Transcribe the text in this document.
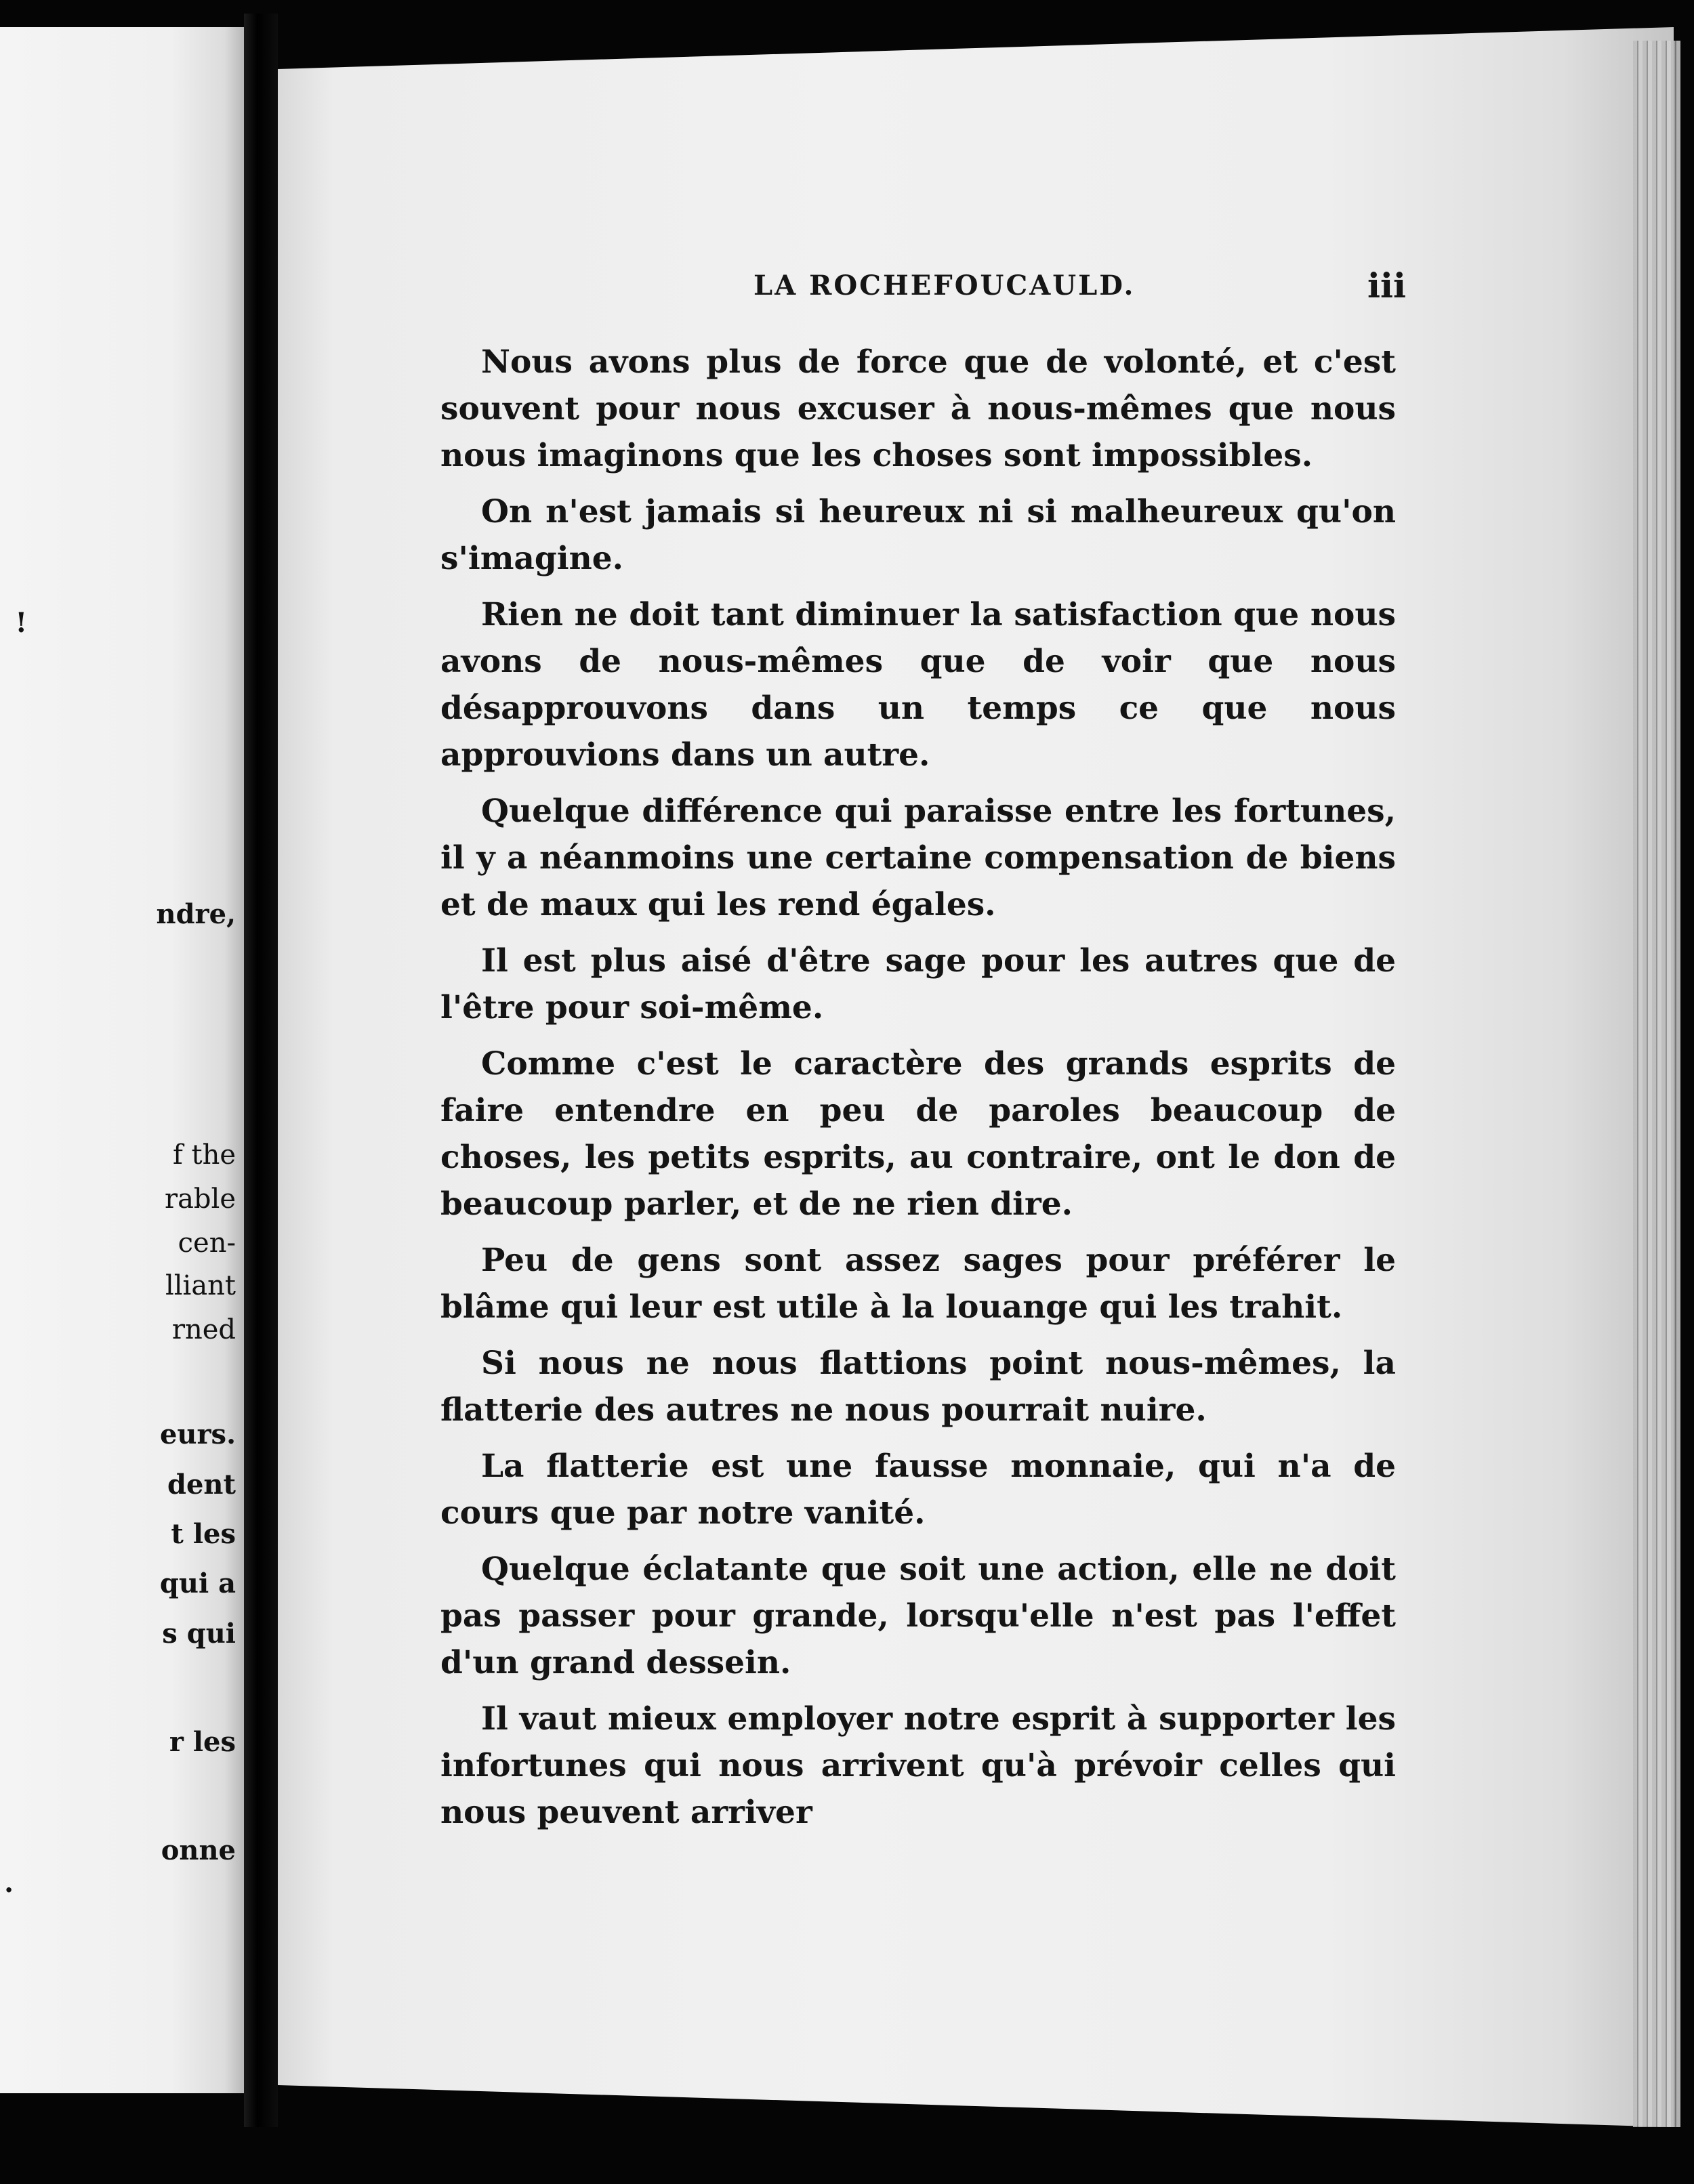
!
ndre,
f the
rable
cen-
lliant
rned
eurs.
dent
t les
qui a
s qui
r les
onne
.
LA ROCHEFOUCAULD.	iii

Nous avons plus de force que de volonté, et c'est souvent pour nous excuser à nous-mêmes que nous nous imaginons que les choses sont impossibles.

On n'est jamais si heureux ni si malheureux qu'on s'imagine.

Rien ne doit tant diminuer la satisfaction que nous avons de nous-mêmes que de voir que nous désapprouvons dans un temps ce que nous approuvions dans un autre.

Quelque différence qui paraisse entre les fortunes, il y a néanmoins une certaine compensation de biens et de maux qui les rend égales.

Il est plus aisé d'être sage pour les autres que de l'être pour soi-même.

Comme c'est le caractère des grands esprits de faire entendre en peu de paroles beaucoup de choses, les petits esprits, au contraire, ont le don de beaucoup parler, et de ne rien dire.

Peu de gens sont assez sages pour préférer le blâme qui leur est utile à la louange qui les trahit.

Si nous ne nous flattions point nous-mêmes, la flatterie des autres ne nous pourrait nuire.

La flatterie est une fausse monnaie, qui n'a de cours que par notre vanité.

Quelque éclatante que soit une action, elle ne doit pas passer pour grande, lorsqu'elle n'est pas l'effet d'un grand dessein.

Il vaut mieux employer notre esprit à supporter les infortunes qui nous arrivent qu'à prévoir celles qui nous peuvent arriver
